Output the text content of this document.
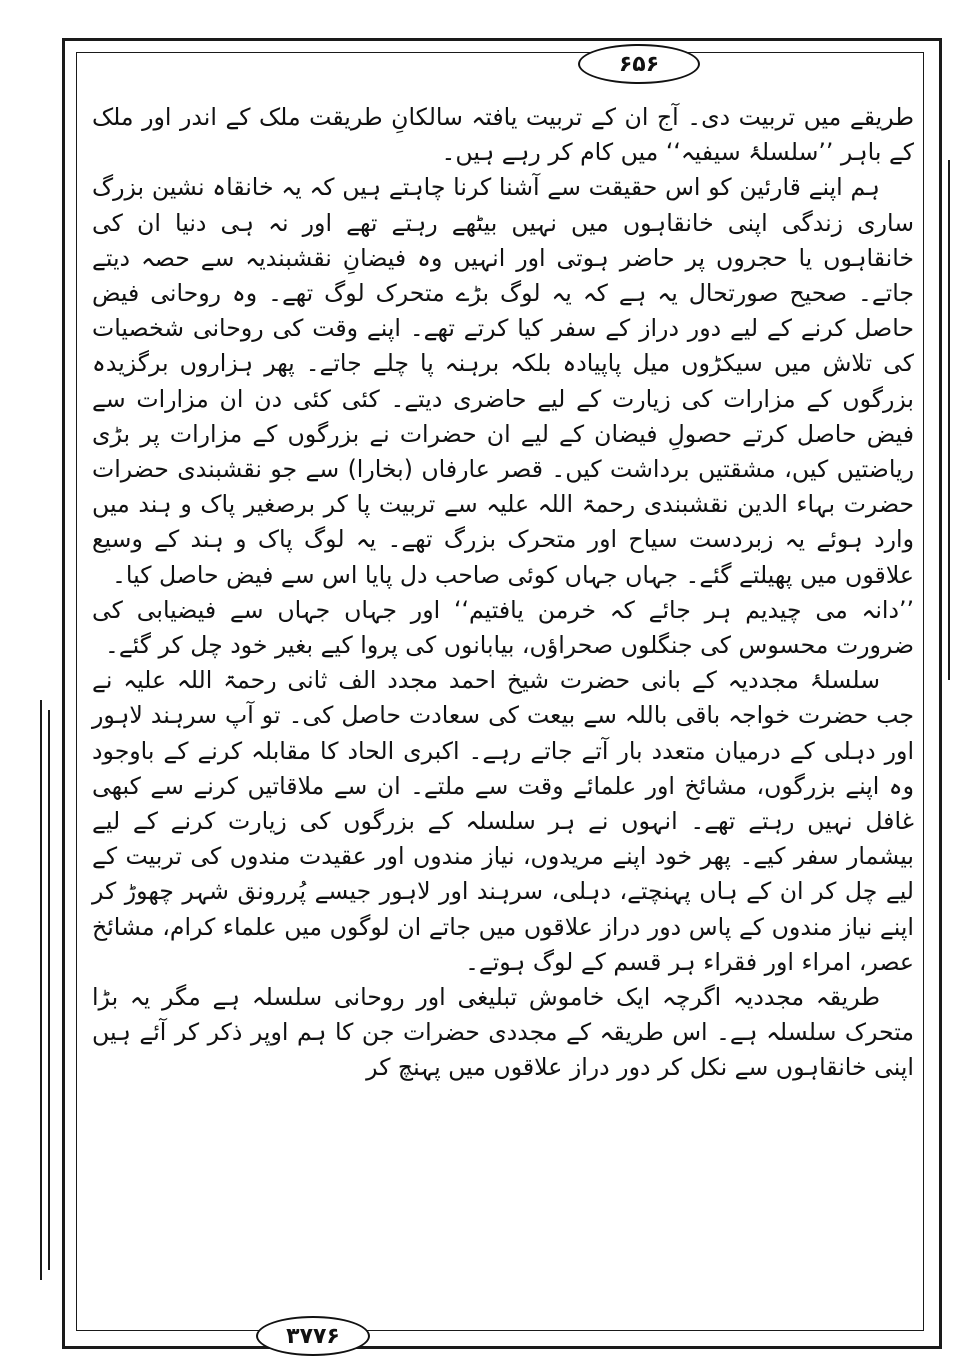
۶۵۶

طریقے میں تربیت دی۔ آج ان کے تربیت یافتہ سالکانِ طریقت ملک کے اندر اور ملک کے باہر ’’سلسلۂ سیفیہ‘‘ میں کام کر رہے ہیں۔

ہم اپنے قارئین کو اس حقیقت سے آشنا کرنا چاہتے ہیں کہ یہ خانقاہ نشین بزرگ ساری زندگی اپنی خانقاہوں میں نہیں بیٹھے رہتے تھے اور نہ ہی دنیا ان کی خانقاہوں یا حجروں پر حاضر ہوتی اور انہیں وہ فیضانِ نقشبندیہ سے حصہ دیتے جاتے۔ صحیح صورتحال یہ ہے کہ یہ لوگ بڑے متحرک لوگ تھے۔ وہ روحانی فیض حاصل کرنے کے لیے دور دراز کے سفر کیا کرتے تھے۔ اپنے وقت کی روحانی شخصیات کی تلاش میں سیکڑوں میل پاپیادہ بلکہ برہنہ پا چلے جاتے۔ پھر ہزاروں برگزیدہ بزرگوں کے مزارات کی زیارت کے لیے حاضری دیتے۔ کئی کئی دن ان مزارات سے فیض حاصل کرتے حصولِ فیضان کے لیے ان حضرات نے بزرگوں کے مزارات پر بڑی ریاضتیں کیں، مشقتیں برداشت کیں۔ قصر عارفاں (بخارا) سے جو نقشبندی حضرات حضرت بہاء الدین نقشبندی رحمۃ اللہ علیہ سے تربیت پا کر برصغیر پاک و ہند میں وارد ہوئے یہ زبردست سیاح اور متحرک بزرگ تھے۔ یہ لوگ پاک و ہند کے وسیع علاقوں میں پھیلتے گئے۔ جہاں جہاں کوئی صاحب دل پایا اس سے فیض حاصل کیا۔

’’دانہ می چیدیم ہر جائے کہ خرمن یافتیم‘‘ اور جہاں جہاں سے فیضیابی کی ضرورت محسوس کی جنگلوں صحراؤں، بیابانوں کی پروا کیے بغیر خود چل کر گئے۔

سلسلۂ مجددیہ کے بانی حضرت شیخ احمد مجدد الف ثانی رحمۃ اللہ علیہ نے جب حضرت خواجہ باقی باللہ سے بیعت کی سعادت حاصل کی۔ تو آپ سرہند لاہور اور دہلی کے درمیان متعدد بار آتے جاتے رہے۔ اکبری الحاد کا مقابلہ کرنے کے باوجود وہ اپنے بزرگوں، مشائخ اور علمائے وقت سے ملتے۔ ان سے ملاقاتیں کرنے سے کبھی غافل نہیں رہتے تھے۔ انہوں نے ہر سلسلہ کے بزرگوں کی زیارت کرنے کے لیے بیشمار سفر کیے۔ پھر خود اپنے مریدوں، نیاز مندوں اور عقیدت مندوں کی تربیت کے لیے چل کر ان کے ہاں پہنچتے، دہلی، سرہند اور لاہور جیسے پُررونق شہر چھوڑ کر اپنے نیاز مندوں کے پاس دور دراز علاقوں میں جاتے ان لوگوں میں علماء کرام، مشائخ عصر، امراء اور فقراء ہر قسم کے لوگ ہوتے۔

طریقہ مجددیہ اگرچہ ایک خاموش تبلیغی اور روحانی سلسلہ ہے مگر یہ بڑا متحرک سلسلہ ہے۔ اس طریقہ کے مجددی حضرات جن کا ہم اوپر ذکر کر آئے ہیں اپنی خانقاہوں سے نکل کر دور دراز علاقوں میں پہنچ کر

۳۷۷۶
